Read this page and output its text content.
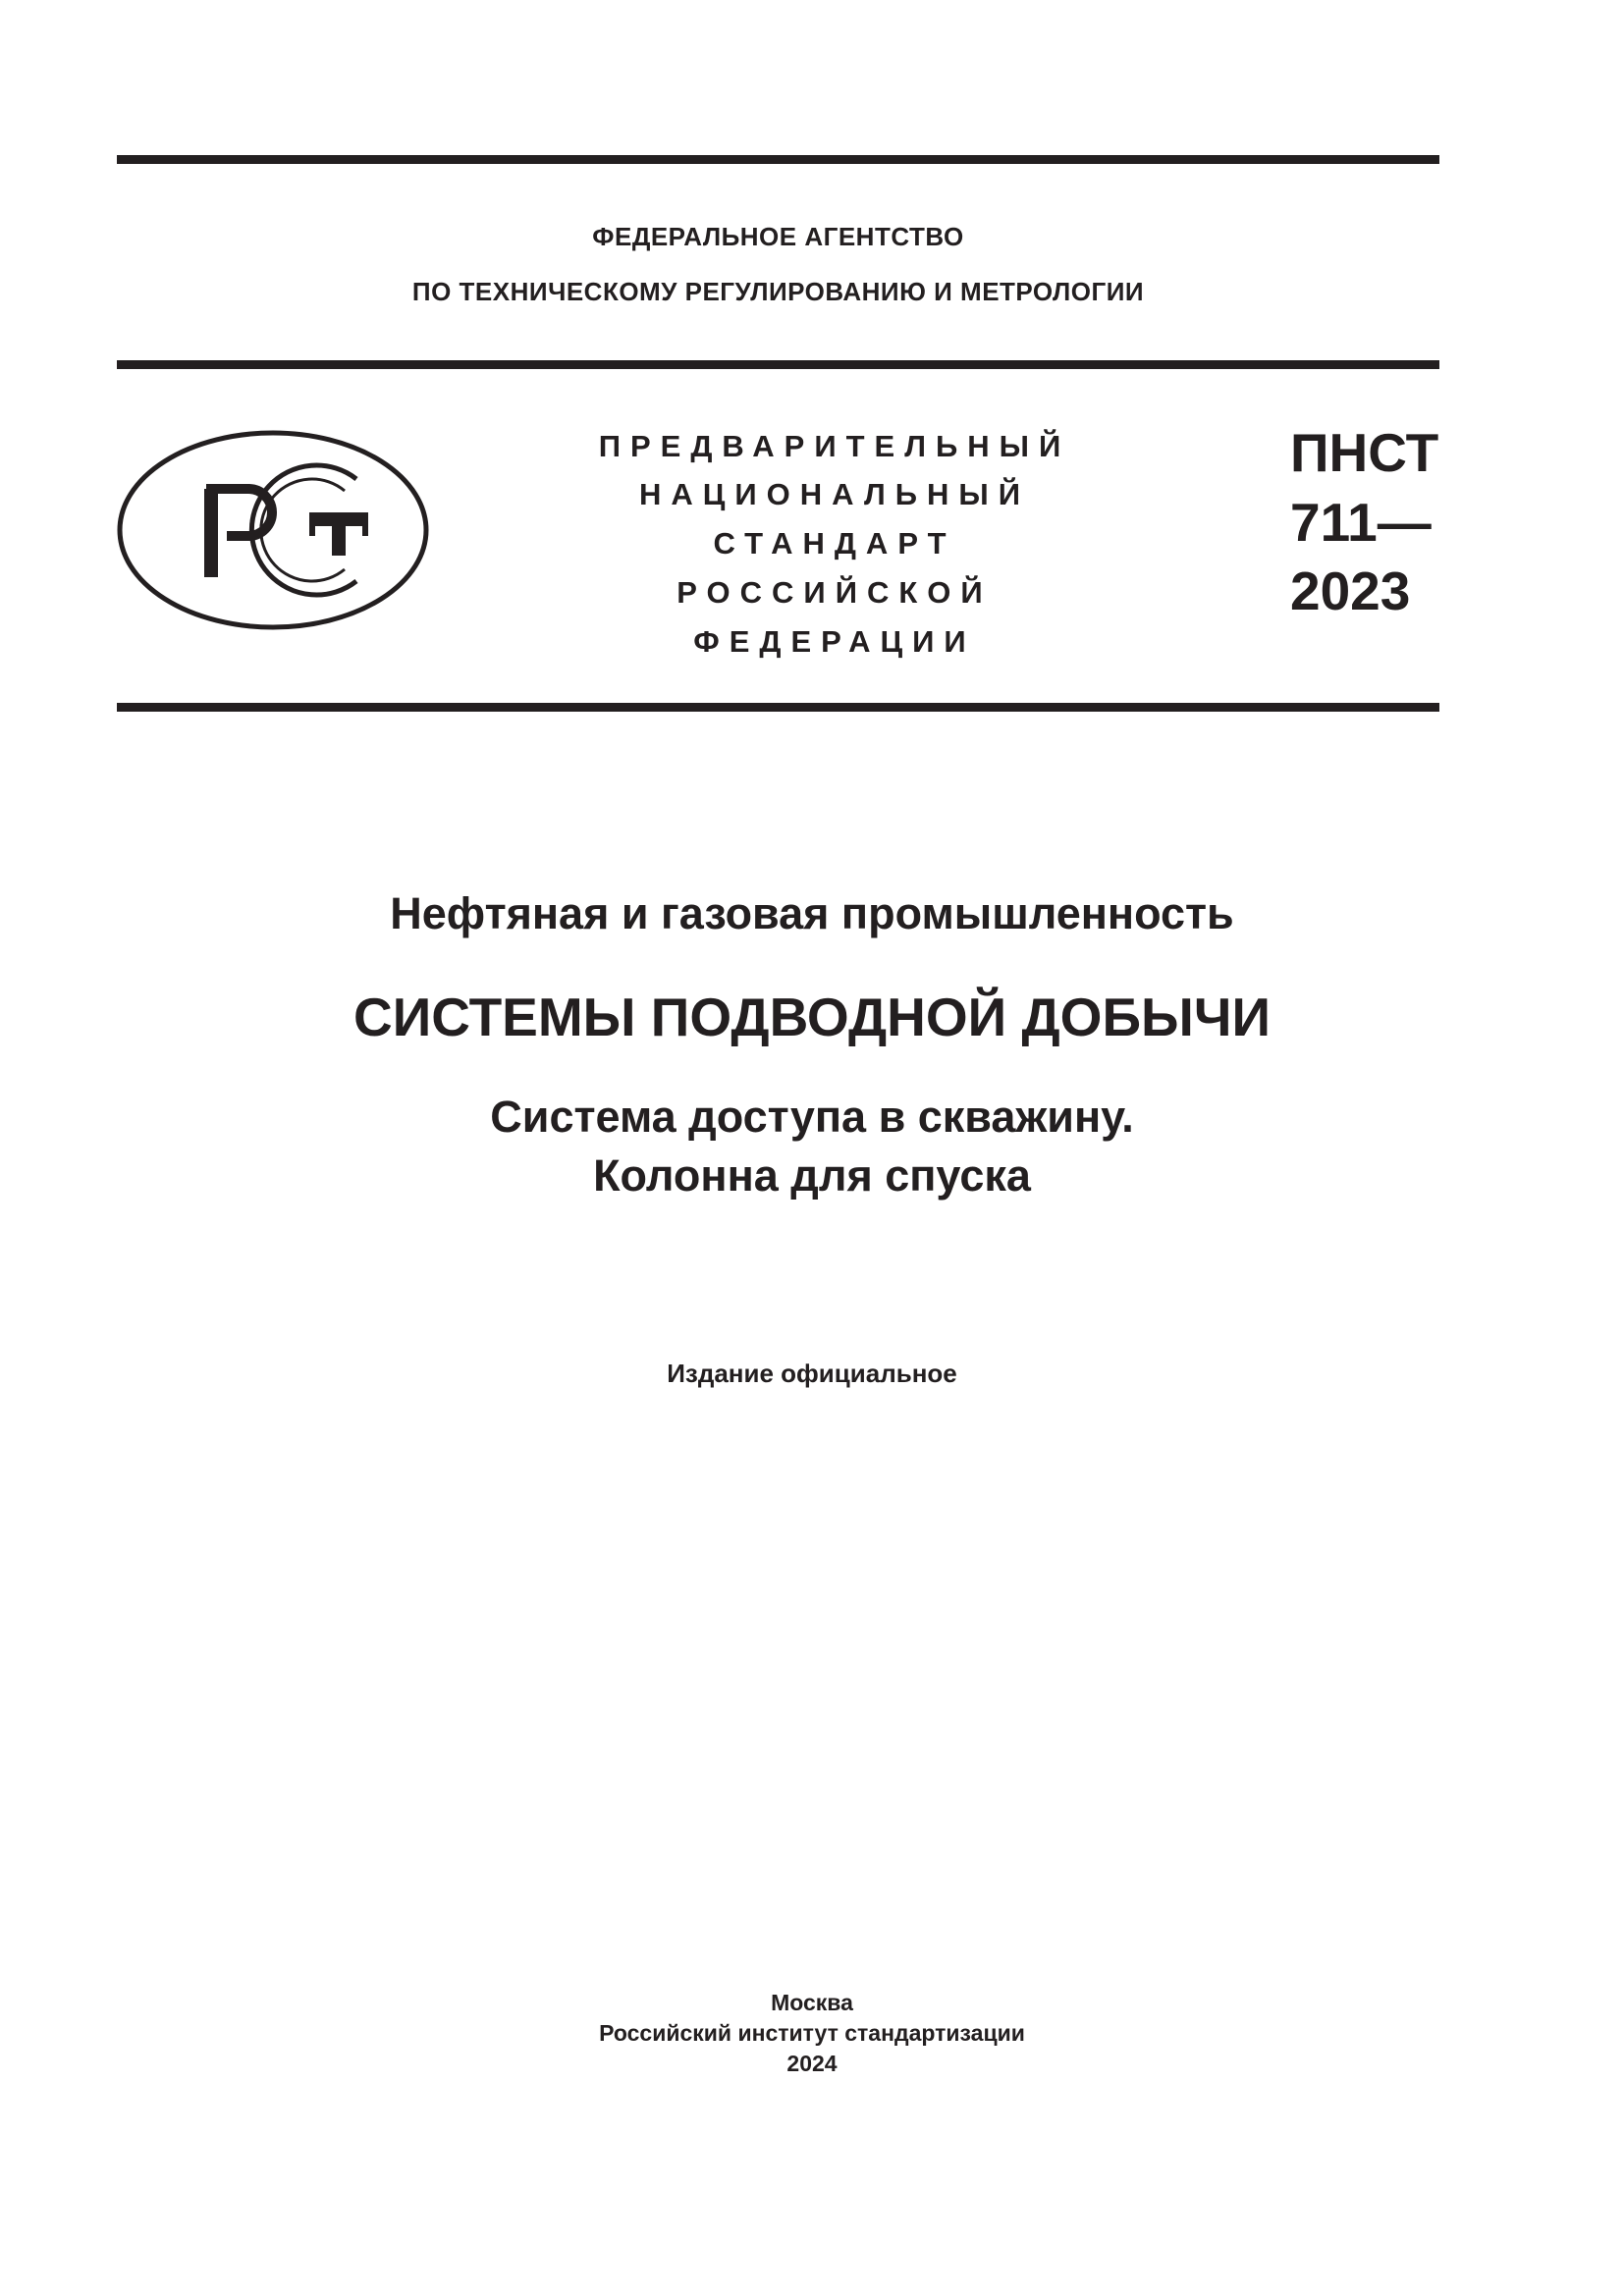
ФЕДЕРАЛЬНОЕ АГЕНТСТВО
ПО ТЕХНИЧЕСКОМУ РЕГУЛИРОВАНИЮ И МЕТРОЛОГИИ
ПРЕДВАРИТЕЛЬНЫЙ
НАЦИОНАЛЬНЫЙ
СТАНДАРТ
РОССИЙСКОЙ
ФЕДЕРАЦИИ
ПНСТ
711—
2023
Нефтяная и газовая промышленность
СИСТЕМЫ ПОДВОДНОЙ ДОБЫЧИ
Система доступа в скважину.
Колонна для спуска
Издание официальное
Москва
Российский институт стандартизации
2024
